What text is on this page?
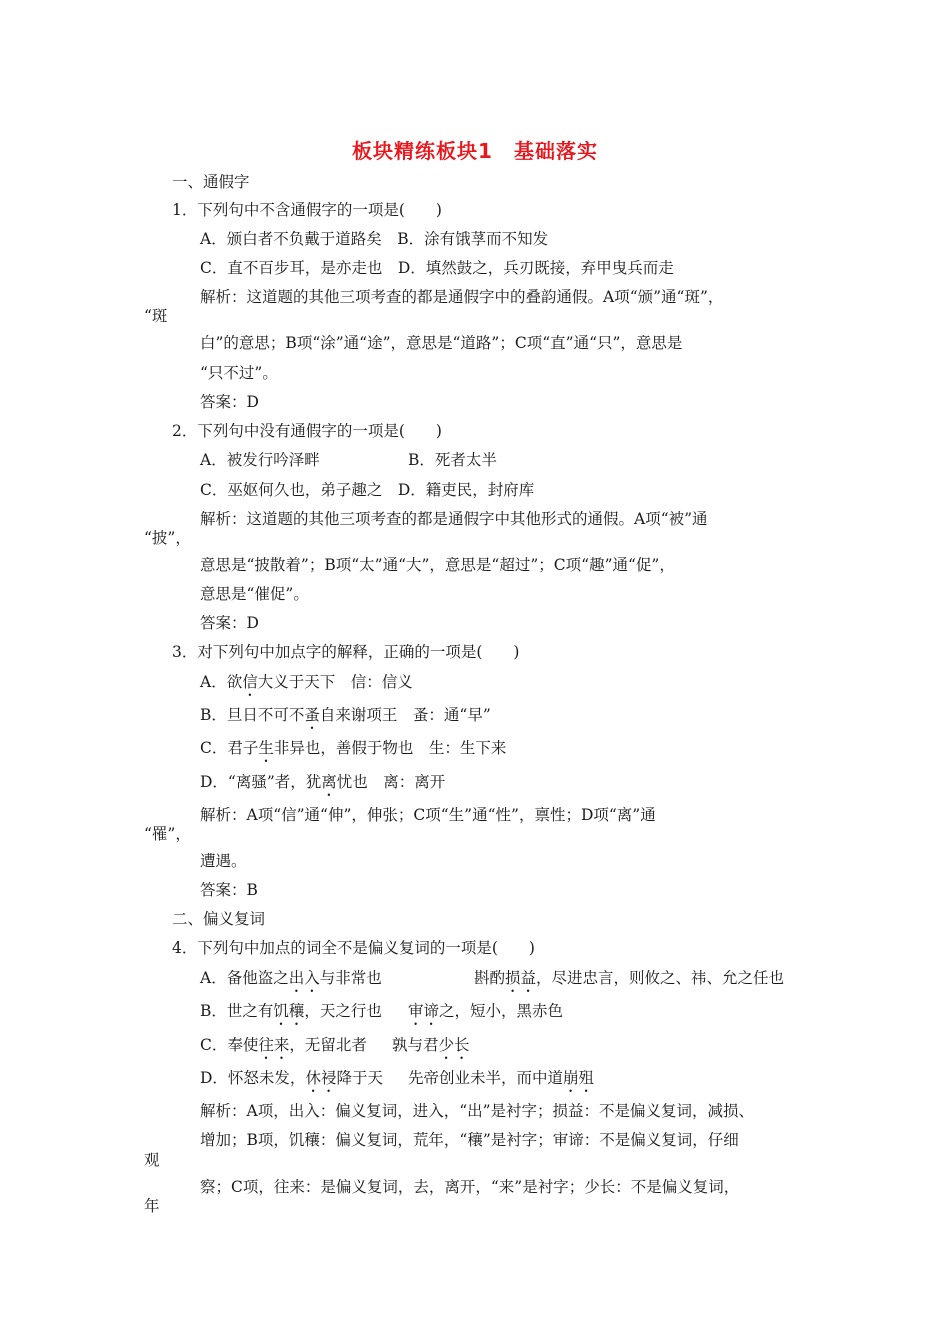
板块精练板块1　基础落实
一、通假字
1．下列句中不含通假字的一项是(　　)
A．颁白者不负戴于道路矣　B．涂有饿莩而不知发
C．直不百步耳，是亦走也　D．填然鼓之，兵刃既接，弃甲曳兵而走
解析：这道题的其他三项考查的都是通假字中的叠韵通假。A项“颁”通“斑”，
“斑
白”的意思；B项“涂”通“途”，意思是“道路”；C项“直”通“只”，意思是
“只不过”。
答案：D
2．下列句中没有通假字的一项是(　　)
A．被发行吟泽畔	B．死者太半
C．巫妪何久也，弟子趣之　D．籍吏民，封府库
解析：这道题的其他三项考查的都是通假字中其他形式的通假。A项“被”通
“披”，
意思是“披散着”；B项“太”通“大”，意思是“超过”；C项“趣”通“促”，
意思是“催促”。
答案：D
3．对下列句中加点字的解释，正确的一项是(　　)
A．欲信大义于天下　信：信义
B．旦日不可不蚤自来谢项王　蚤：通“早”
C．君子生非异也，善假于物也　生：生下来
D．“离骚”者，犹离忧也　离：离开
解析：A项“信”通“伸”，伸张；C项“生”通“性”，禀性；D项“离”通
“罹”，
遭遇。
答案：B
二、偏义复词
4．下列句中加点的词全不是偏义复词的一项是(　　)
A．备他盗之出入与非常也	斟酌损益，尽进忠言，则攸之、祎、允之任也
B．世之有饥穰，天之行也 审谛之，短小，黑赤色
C．奉使往来，无留北者 孰与君少长
D．怀怒未发，休祲降于天 先帝创业未半，而中道崩殂
解析：A项，出入：偏义复词，进入，“出”是衬字；损益：不是偏义复词，减损、
增加；B项，饥穰：偏义复词，荒年，“穰”是衬字；审谛：不是偏义复词，仔细
观
察；C项，往来：是偏义复词，去，离开，“来”是衬字；少长：不是偏义复词，
年
